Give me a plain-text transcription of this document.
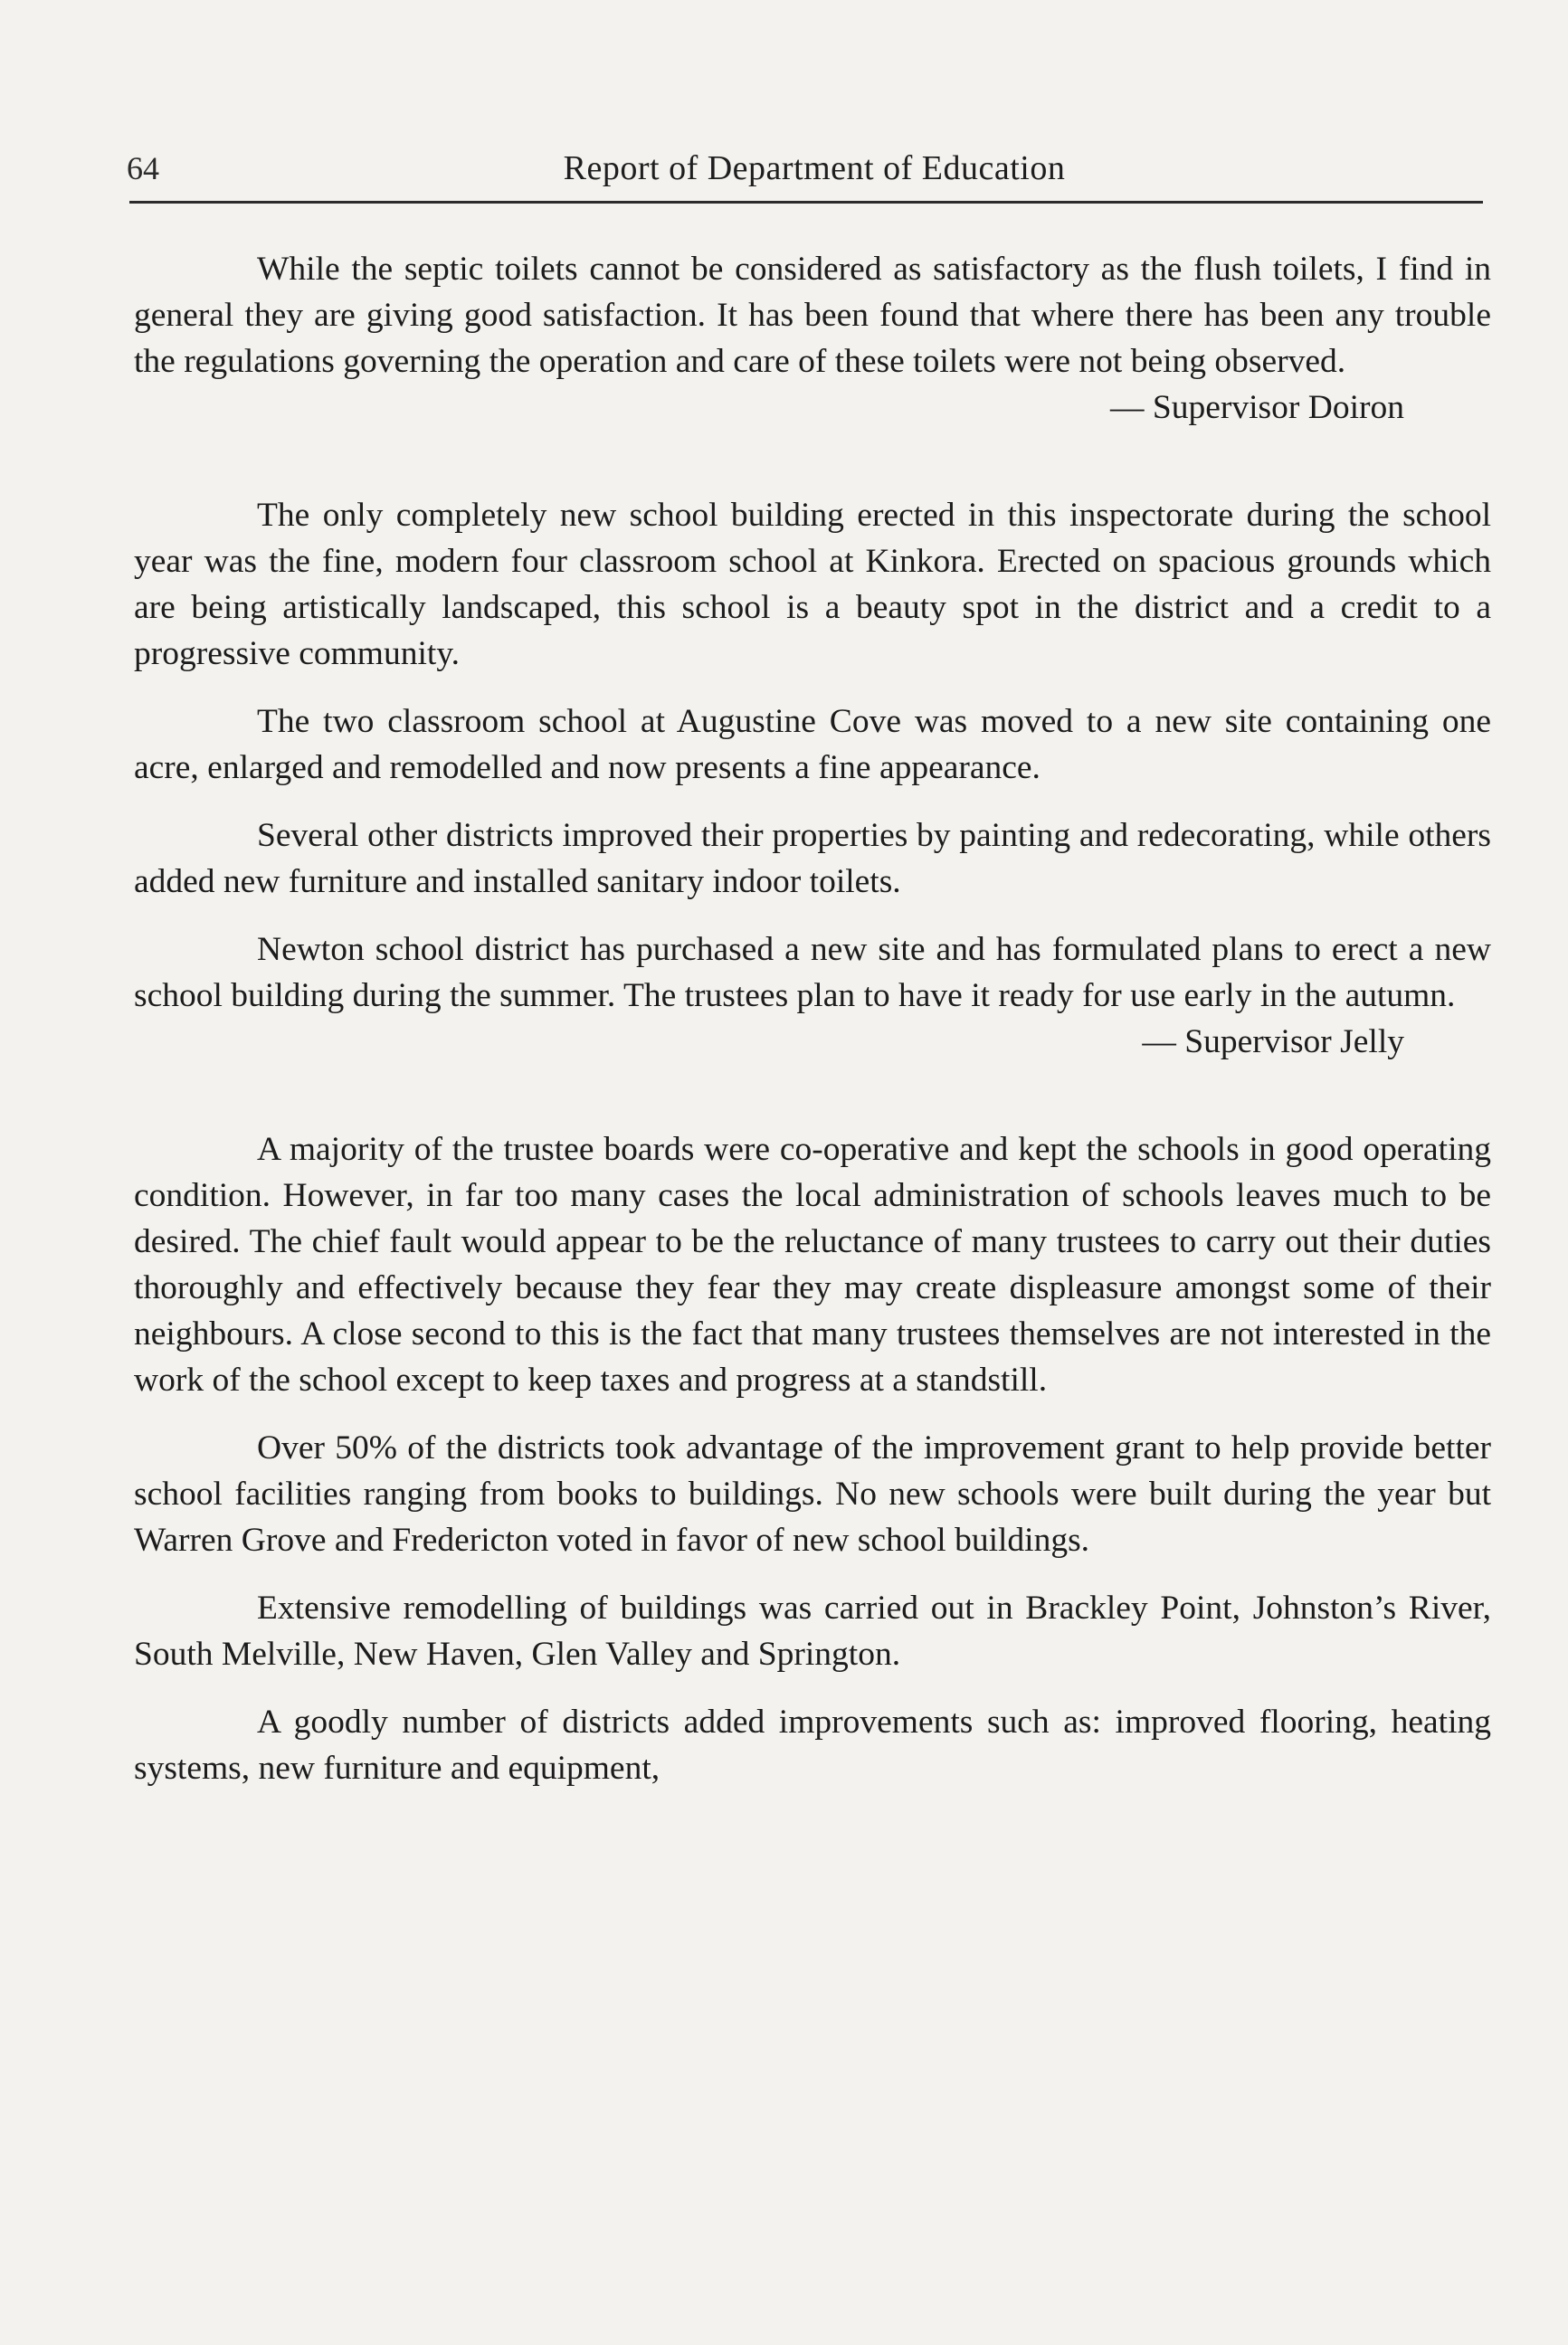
64	Report of Department of Education

While the septic toilets cannot be considered as satisfactory as the flush toilets, I find in general they are giving good satisfaction. It has been found that where there has been any trouble the regulations governing the operation and care of these toilets were not being observed.

— Supervisor Doiron

The only completely new school building erected in this inspectorate during the school year was the fine, modern four classroom school at Kinkora. Erected on spacious grounds which are being artistically landscaped, this school is a beauty spot in the district and a credit to a progressive community.

The two classroom school at Augustine Cove was moved to a new site containing one acre, enlarged and remodelled and now presents a fine appearance.

Several other districts improved their properties by painting and redecorating, while others added new furniture and installed sanitary indoor toilets.

Newton school district has purchased a new site and has formulated plans to erect a new school building during the summer. The trustees plan to have it ready for use early in the autumn.

— Supervisor Jelly

A majority of the trustee boards were co-operative and kept the schools in good operating condition. However, in far too many cases the local administration of schools leaves much to be desired. The chief fault would appear to be the reluctance of many trustees to carry out their duties thoroughly and effectively because they fear they may create displeasure amongst some of their neighbours. A close second to this is the fact that many trustees themselves are not interested in the work of the school except to keep taxes and progress at a standstill.

Over 50% of the districts took advantage of the improvement grant to help provide better school facilities ranging from books to buildings. No new schools were built during the year but Warren Grove and Fredericton voted in favor of new school buildings.

Extensive remodelling of buildings was carried out in Brackley Point, Johnston’s River, South Melville, New Haven, Glen Valley and Springton.

A goodly number of districts added improvements such as: improved flooring, heating systems, new furniture and equipment,
